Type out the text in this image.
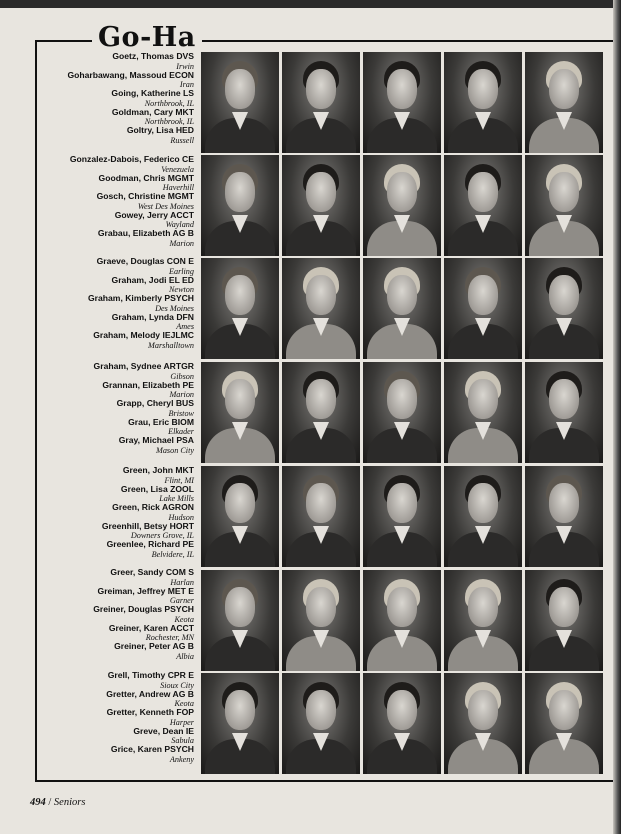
Go-Ha
Goetz, Thomas DVS
Irwin
Goharbawang, Massoud ECON
Iran
Going, Katherine LS
Northbrook, IL
Goldman, Cary MKT
Northbrook, IL
Goltry, Lisa HED
Russell
Gonzalez-Dabois, Federico CE
Venezuela
Goodman, Chris MGMT
Haverhill
Gosch, Christine MGMT
West Des Moines
Gowey, Jerry ACCT
Wayland
Grabau, Elizabeth AG B
Marion
Graeve, Douglas CON E
Earling
Graham, Jodi EL ED
Newton
Graham, Kimberly PSYCH
Des Moines
Graham, Lynda DFN
Ames
Graham, Melody IEJLMC
Marshalltown
Graham, Sydnee ARTGR
Gibson
Grannan, Elizabeth PE
Marion
Grapp, Cheryl BUS
Bristow
Grau, Eric BIOM
Elkader
Gray, Michael PSA
Mason City
Green, John MKT
Flint, MI
Green, Lisa ZOOL
Lake Mills
Green, Rick AGRON
Hudson
Greenhill, Betsy HORT
Downers Grove, IL
Greenlee, Richard PE
Belvidere, IL
Greer, Sandy COM S
Harlan
Greiman, Jeffrey MET E
Garner
Greiner, Douglas PSYCH
Keota
Greiner, Karen ACCT
Rochester, MN
Greiner, Peter AG B
Albia
Grell, Timothy CPR E
Sioux City
Gretter, Andrew AG B
Keota
Gretter, Kenneth FOP
Harper
Greve, Dean IE
Sabula
Grice, Karen PSYCH
Ankeny
494 / Seniors
